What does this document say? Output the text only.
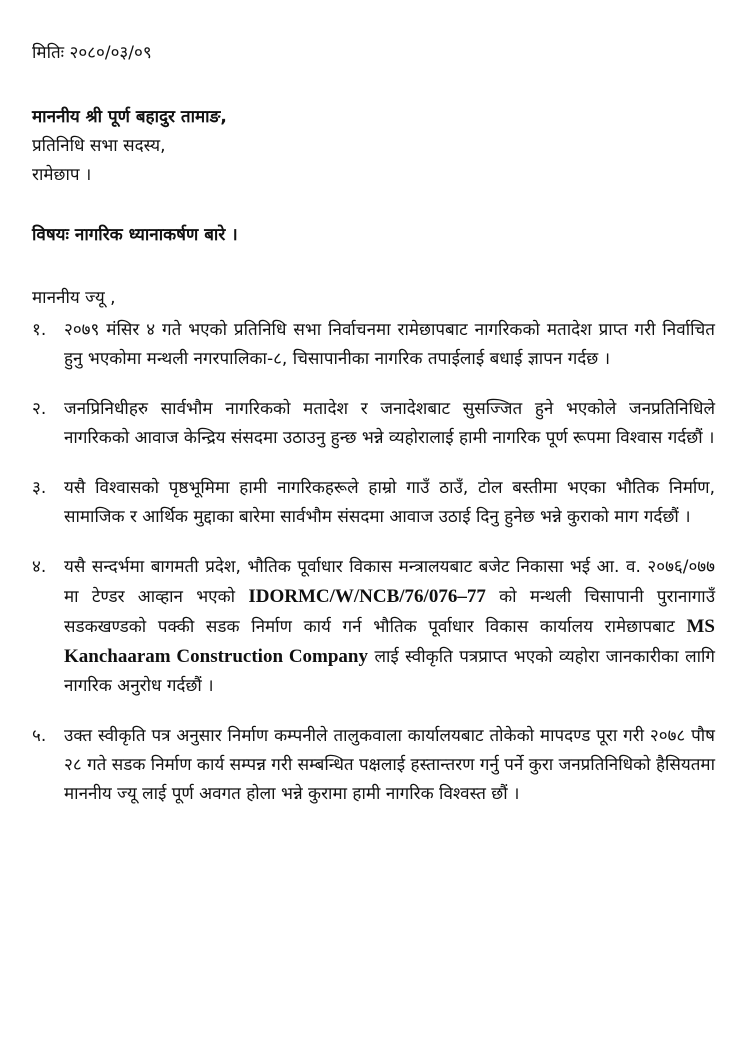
मितिः २०८०/०३/०९
माननीय श्री पूर्ण बहादुर तामाङ,
प्रतिनिधि सभा सदस्य,
रामेछाप ।
विषयः नागरिक ध्यानाकर्षण बारे ।
माननीय ज्यू ,
१.	२०७९ मंसिर ४ गते भएको प्रतिनिधि सभा निर्वाचनमा रामेछापबाट नागरिकको मतादेश प्राप्त गरी निर्वाचित हुनु भएकोमा मन्थली नगरपालिका-८, चिसापानीका नागरिक तपाईलाई बधाई ज्ञापन गर्दछ ।
२.	जनप्रिनिधीहरु सार्वभौम नागरिकको मतादेश र जनादेशबाट सुसज्जित हुने भएकोले जनप्रतिनिधिले नागरिकको आवाज केन्द्रिय संसदमा उठाउनु हुन्छ भन्ने व्यहोरालाई हामी नागरिक पूर्ण रूपमा विश्वास गर्दछौं ।
३.	यसै विश्वासको पृष्ठभूमिमा हामी नागरिकहरूले हाम्रो गाउँ ठाउँ, टोल बस्तीमा भएका भौतिक निर्माण, सामाजिक र आर्थिक मुद्दाका बारेमा सार्वभौम संसदमा आवाज उठाई दिनु हुनेछ भन्ने कुराको माग गर्दछौं ।
४.	यसै सन्दर्भमा बागमती प्रदेश, भौतिक पूर्वाधार विकास मन्त्रालयबाट बजेट निकासा भई आ. व. २०७६/०७७ मा टेण्डर आव्हान भएको IDORMC/W/NCB/76/076–77 को मन्थली चिसापानी पुरानागाउँ सडकखण्डको पक्की सडक निर्माण कार्य गर्न भौतिक पूर्वाधार विकास कार्यालय रामेछापबाट MS Kanchaaram Construction Company लाई स्वीकृति पत्रप्राप्त भएको व्यहोरा जानकारीका लागि नागरिक अनुरोध गर्दछौं ।
५.	उक्त स्वीकृति पत्र अनुसार निर्माण कम्पनीले तालुकवाला कार्यालयबाट तोकेको मापदण्ड पूरा गरी २०७८ पौष २८ गते सडक निर्माण कार्य सम्पन्न गरी सम्बन्धित पक्षलाई हस्तान्तरण गर्नु पर्ने कुरा जनप्रतिनिधिको हैसियतमा माननीय ज्यू लाई पूर्ण अवगत होला भन्ने कुरामा हामी नागरिक विश्वस्त छौं ।
